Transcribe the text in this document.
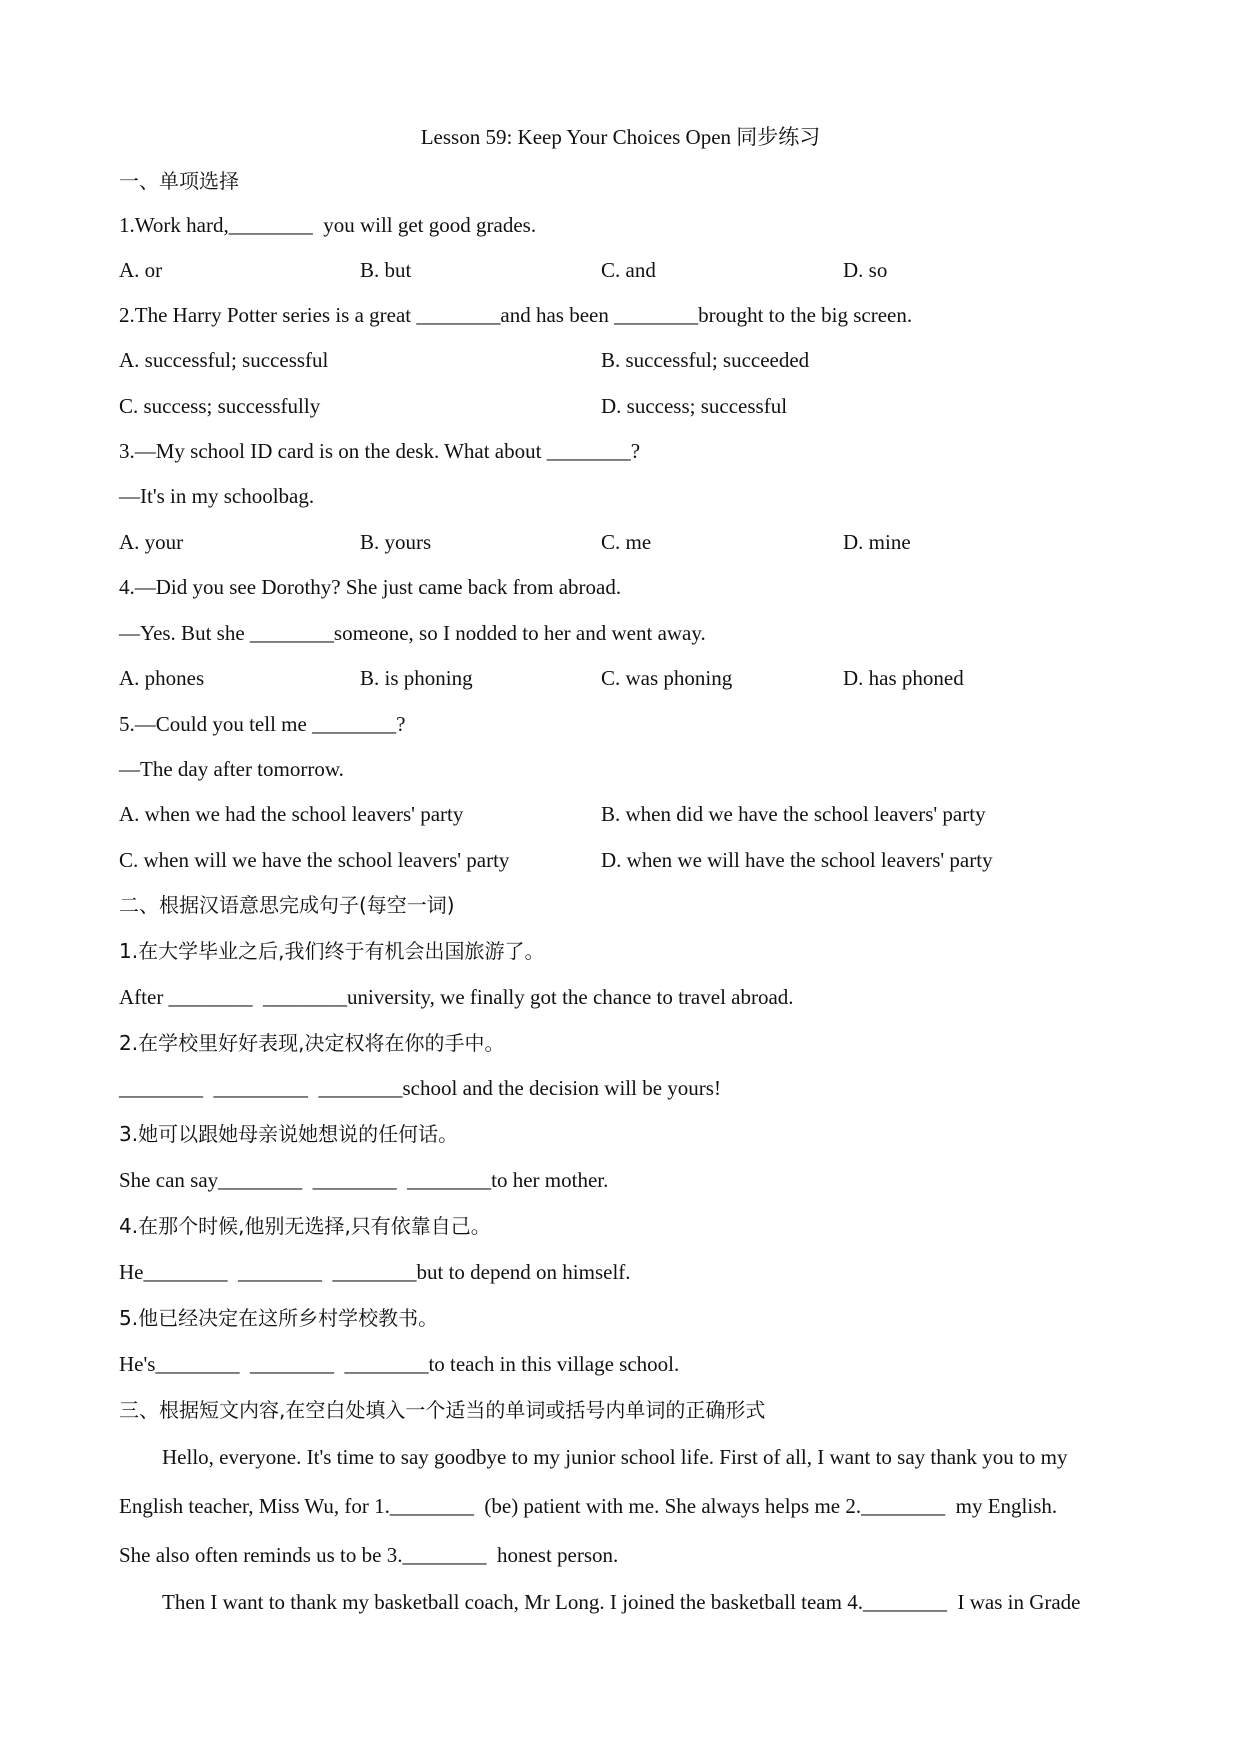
Lesson 59: Keep Your Choices Open 同步练习
一、单项选择
1.Work hard,________  you will get good grades.
A. or	B. but	C. and	D. so
2.The Harry Potter series is a great ________and has been ________brought to the big screen.
A. successful; successful	B. successful; succeeded
C. success; successfully	D. success; successful
3.—My school ID card is on the desk. What about ________?
—It's in my schoolbag.
A. your	B. yours	C. me	D. mine
4.—Did you see Dorothy? She just came back from abroad.
—Yes. But she ________someone, so I nodded to her and went away.
A. phones	B. is phoning	C. was phoning	D. has phoned
5.—Could you tell me ________?
—The day after tomorrow.
A. when we had the school leavers' party	B. when did we have the school leavers' party
C. when will we have the school leavers' party	D. when we will have the school leavers' party
二、根据汉语意思完成句子(每空一词)
1.在大学毕业之后,我们终于有机会出国旅游了。
After ________  ________university, we finally got the chance to travel abroad.
2.在学校里好好表现,决定权将在你的手中。
________  _________  ________school and the decision will be yours!
3.她可以跟她母亲说她想说的任何话。
She can say________  ________  ________to her mother.
4.在那个时候,他别无选择,只有依靠自己。
He________  ________  ________but to depend on himself.
5.他已经决定在这所乡村学校教书。
He's________  ________  ________to teach in this village school.
三、根据短文内容,在空白处填入一个适当的单词或括号内单词的正确形式
Hello, everyone. It's time to say goodbye to my junior school life. First of all, I want to say thank you to my
English teacher, Miss Wu, for 1.________  (be) patient with me. She always helps me 2.________  my English.
She also often reminds us to be 3.________  honest person.
Then I want to thank my basketball coach, Mr Long. I joined the basketball team 4.________  I was in Grade
